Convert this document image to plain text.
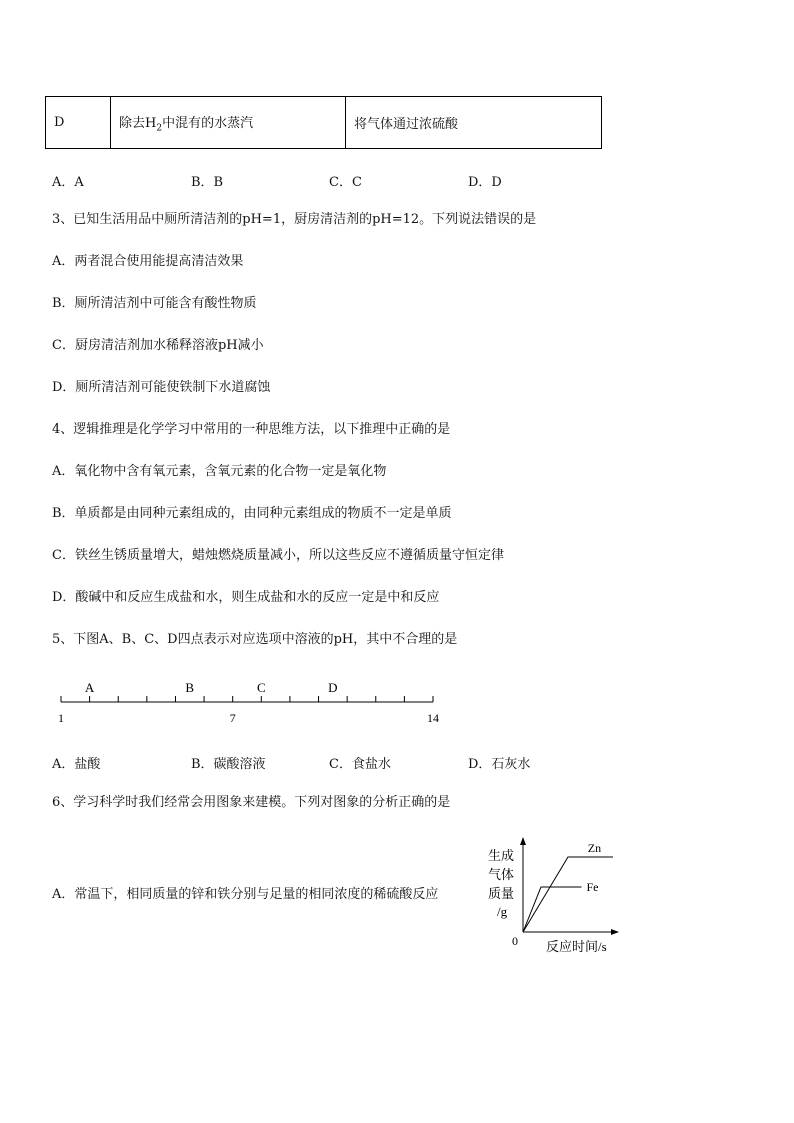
D	除去$H_2$中混有的水蒸汽	将气体通过浓硫酸
A．A	B．B	C．C	D．D
3、已知生活用品中厕所清洁剂的pH=1，厨房清洁剂的pH=12。下列说法错误的是
A．两者混合使用能提高清洁效果
B．厕所清洁剂中可能含有酸性物质
C．厨房清洁剂加水稀释溶液pH减小
D．厕所清洁剂可能使铁制下水道腐蚀
4、逻辑推理是化学学习中常用的一种思维方法，以下推理中正确的是
A．氧化物中含有氧元素，含氧元素的化合物一定是氧化物
B．单质都是由同种元素组成的，由同种元素组成的物质不一定是单质
C．铁丝生锈质量增大，蜡烛燃烧质量减小，所以这些反应不遵循质量守恒定律
D．酸碱中和反应生成盐和水，则生成盐和水的反应一定是中和反应
5、下图A、B、C、D四点表示对应选项中溶液的pH，其中不合理的是
A	B	C	D
1	7	14
A．盐酸	B．碳酸溶液	C．食盐水	D．石灰水
6、学习科学时我们经常会用图象来建模。下列对图象的分析正确的是
A．常温下，相同质量的锌和铁分别与足量的相同浓度的稀硫酸反应
生成
气体
质量
/g
0 反应时间/s
Zn
Fe
